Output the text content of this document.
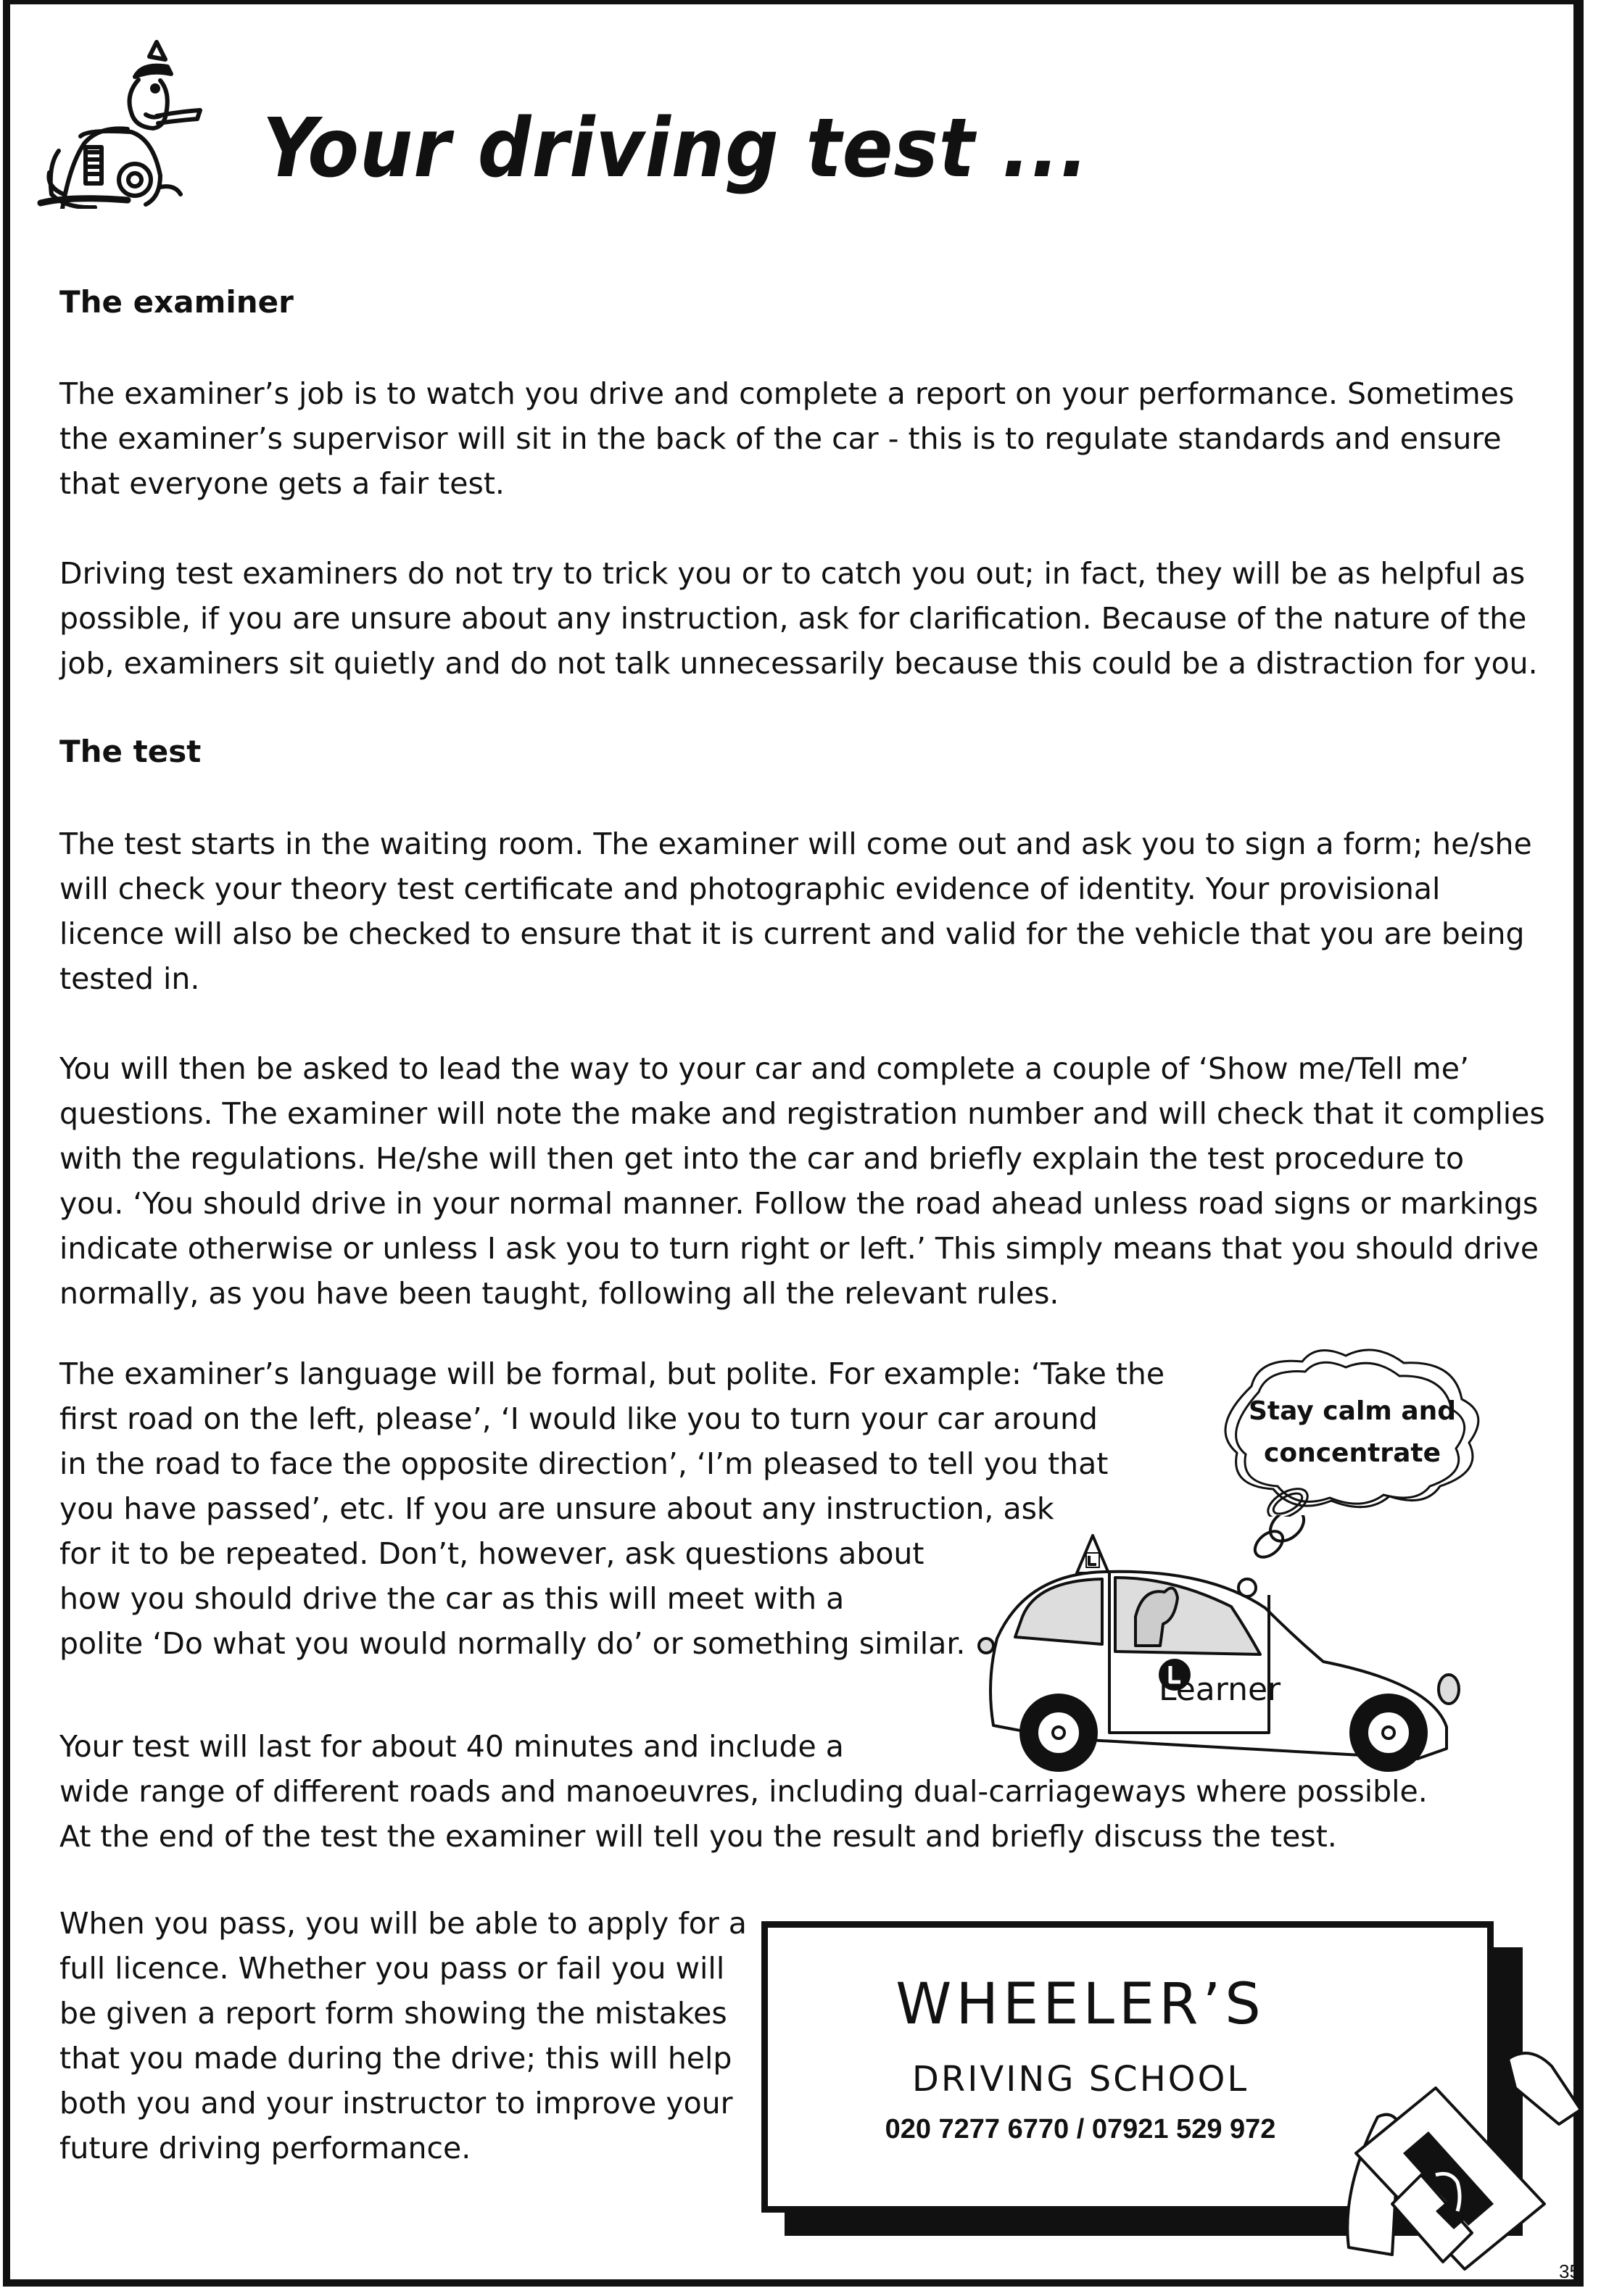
Your driving test ...
The examiner
The examiner’s job is to watch you drive and complete a report on your performance. Sometimes
the examiner’s supervisor will sit in the back of the car - this is to regulate standards and ensure
that everyone gets a fair test.
Driving test examiners do not try to trick you or to catch you out; in fact, they will be as helpful as
possible, if you are unsure about any instruction, ask for clarification. Because of the nature of the
job, examiners sit quietly and do not talk unnecessarily because this could be a distraction for you.
The test
The test starts in the waiting room. The examiner will come out and ask you to sign a form; he/she
will check your theory test certificate and photographic evidence of identity. Your provisional
licence will also be checked to ensure that it is current and valid for the vehicle that you are being
tested in.
You will then be asked to lead the way to your car and complete a couple of ‘Show me/Tell me’
questions. The examiner will note the make and registration number and will check that it complies
with the regulations. He/she will then get into the car and briefly explain the test procedure to
you. ‘You should drive in your normal manner. Follow the road ahead unless road signs or markings
indicate otherwise or unless I ask you to turn right or left.’ This simply means that you should drive
normally, as you have been taught, following all the relevant rules.
The examiner’s language will be formal, but polite. For example: ‘Take the
first road on the left, please’, ‘I would like you to turn your car around
in the road to face the opposite direction’, ‘I’m pleased to tell you that
you have passed’, etc. If you are unsure about any instruction, ask
for it to be repeated. Don’t, however, ask questions about
how you should drive the car as this will meet with a
polite ‘Do what you would normally do’ or something similar.
Your test will last for about 40 minutes and include a
wide range of different roads and manoeuvres, including dual-carriageways where possible.
At the end of the test the examiner will tell you the result and briefly discuss the test.
When you pass, you will be able to apply for a
full licence. Whether you pass or fail you will
be given a report form showing the mistakes
that you made during the drive; this will help
both you and your instructor to improve your
future driving performance.
Stay calm and
concentrate
Learner
WHEELER’S
DRIVING SCHOOL
020 7277 6770 / 07921 529 972
35
